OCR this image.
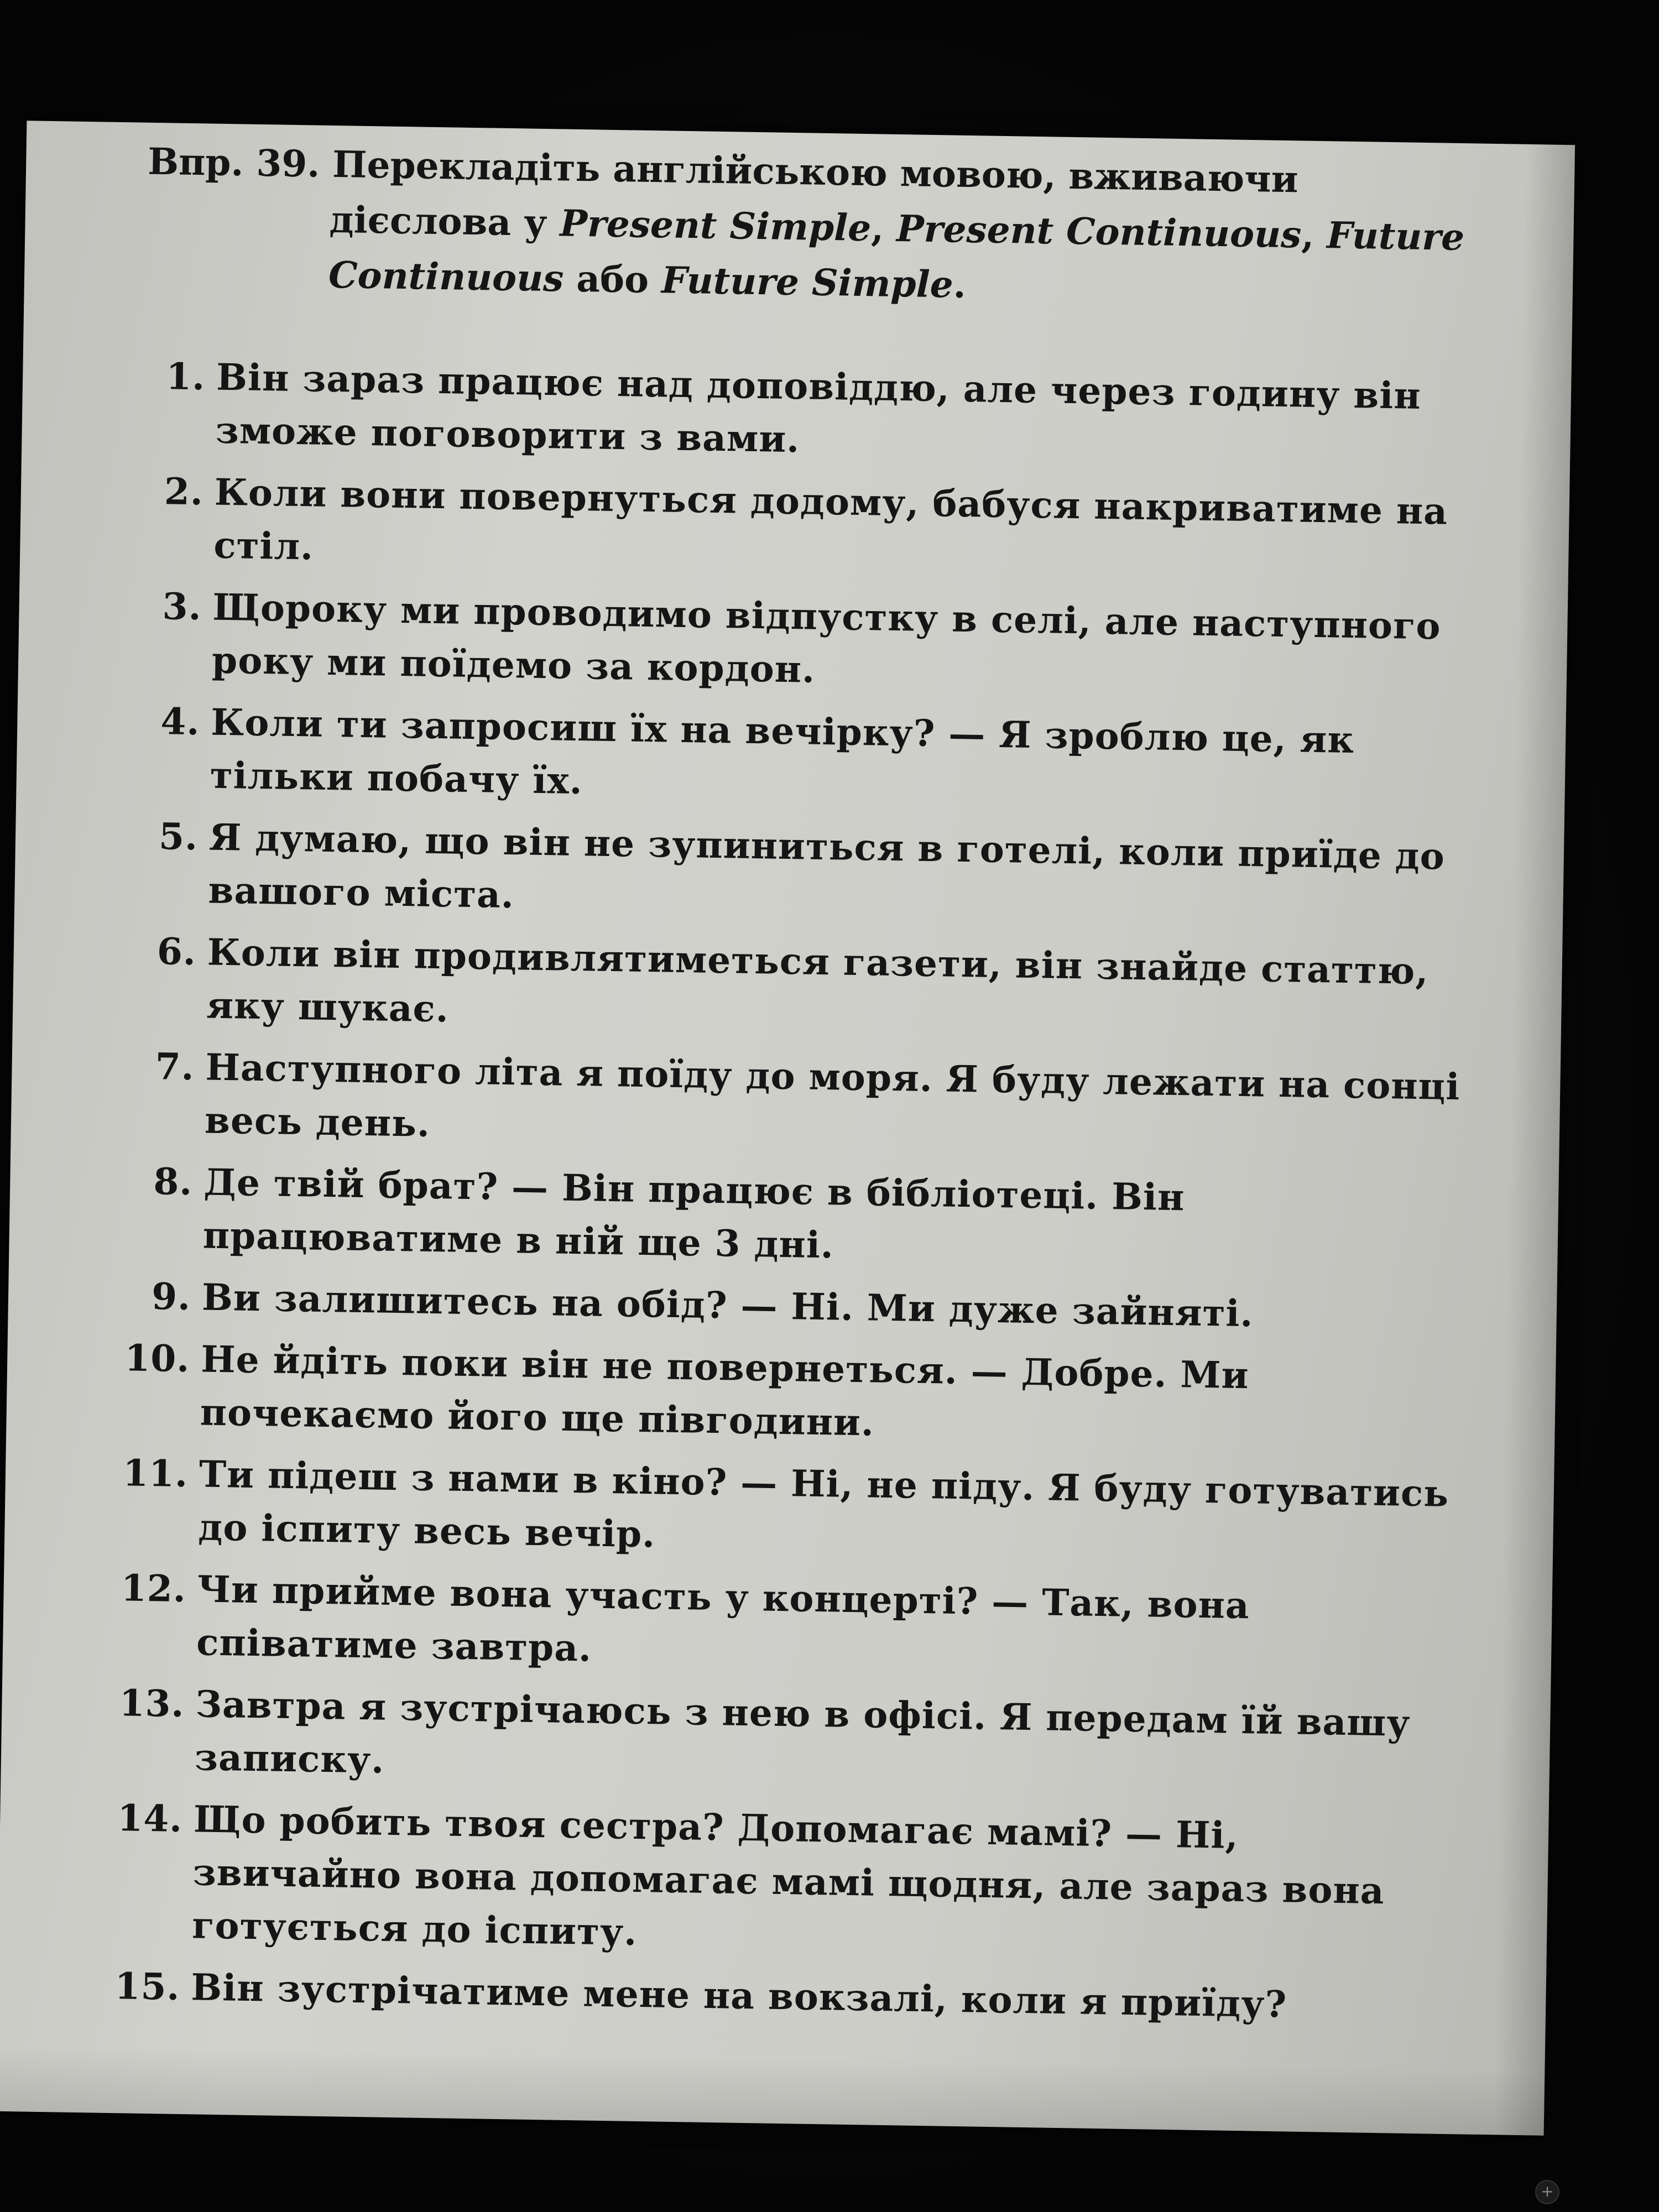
Впр. 39. Перекладіть англійською мовою, вживаючи дієслова у Present Simple, Present Continuous, Future Continuous або Future Simple.
1. Він зараз працює над доповіддю, але через годину він зможе поговорити з вами.
2. Коли вони повернуться додому, бабуся накриватиме на стіл.
3. Щороку ми проводимо відпустку в селі, але наступного року ми поїдемо за кордон.
4. Коли ти запросиш їх на вечірку? — Я зроблю це, як тільки побачу їх.
5. Я думаю, що він не зупиниться в готелі, коли приїде до вашого міста.
6. Коли він продивлятиметься газети, він знайде статтю, яку шукає.
7. Наступного літа я поїду до моря. Я буду лежати на сонці весь день.
8. Де твій брат? — Він працює в бібліотеці. Він працюватиме в ній ще 3 дні.
9. Ви залишитесь на обід? — Ні. Ми дуже зайняті.
10. Не йдіть поки він не повернеться. — Добре. Ми почекаємо його ще півгодини.
11. Ти підеш з нами в кіно? — Ні, не піду. Я буду готуватись до іспиту весь вечір.
12. Чи прийме вона участь у концерті? — Так, вона співатиме завтра.
13. Завтра я зустрічаюсь з нею в офісі. Я передам їй вашу записку.
14. Що робить твоя сестра? Допомагає мамі? — Ні, звичайно вона допомагає мамі щодня, але зараз вона готується до іспиту.
15. Він зустрічатиме мене на вокзалі, коли я приїду?
+
